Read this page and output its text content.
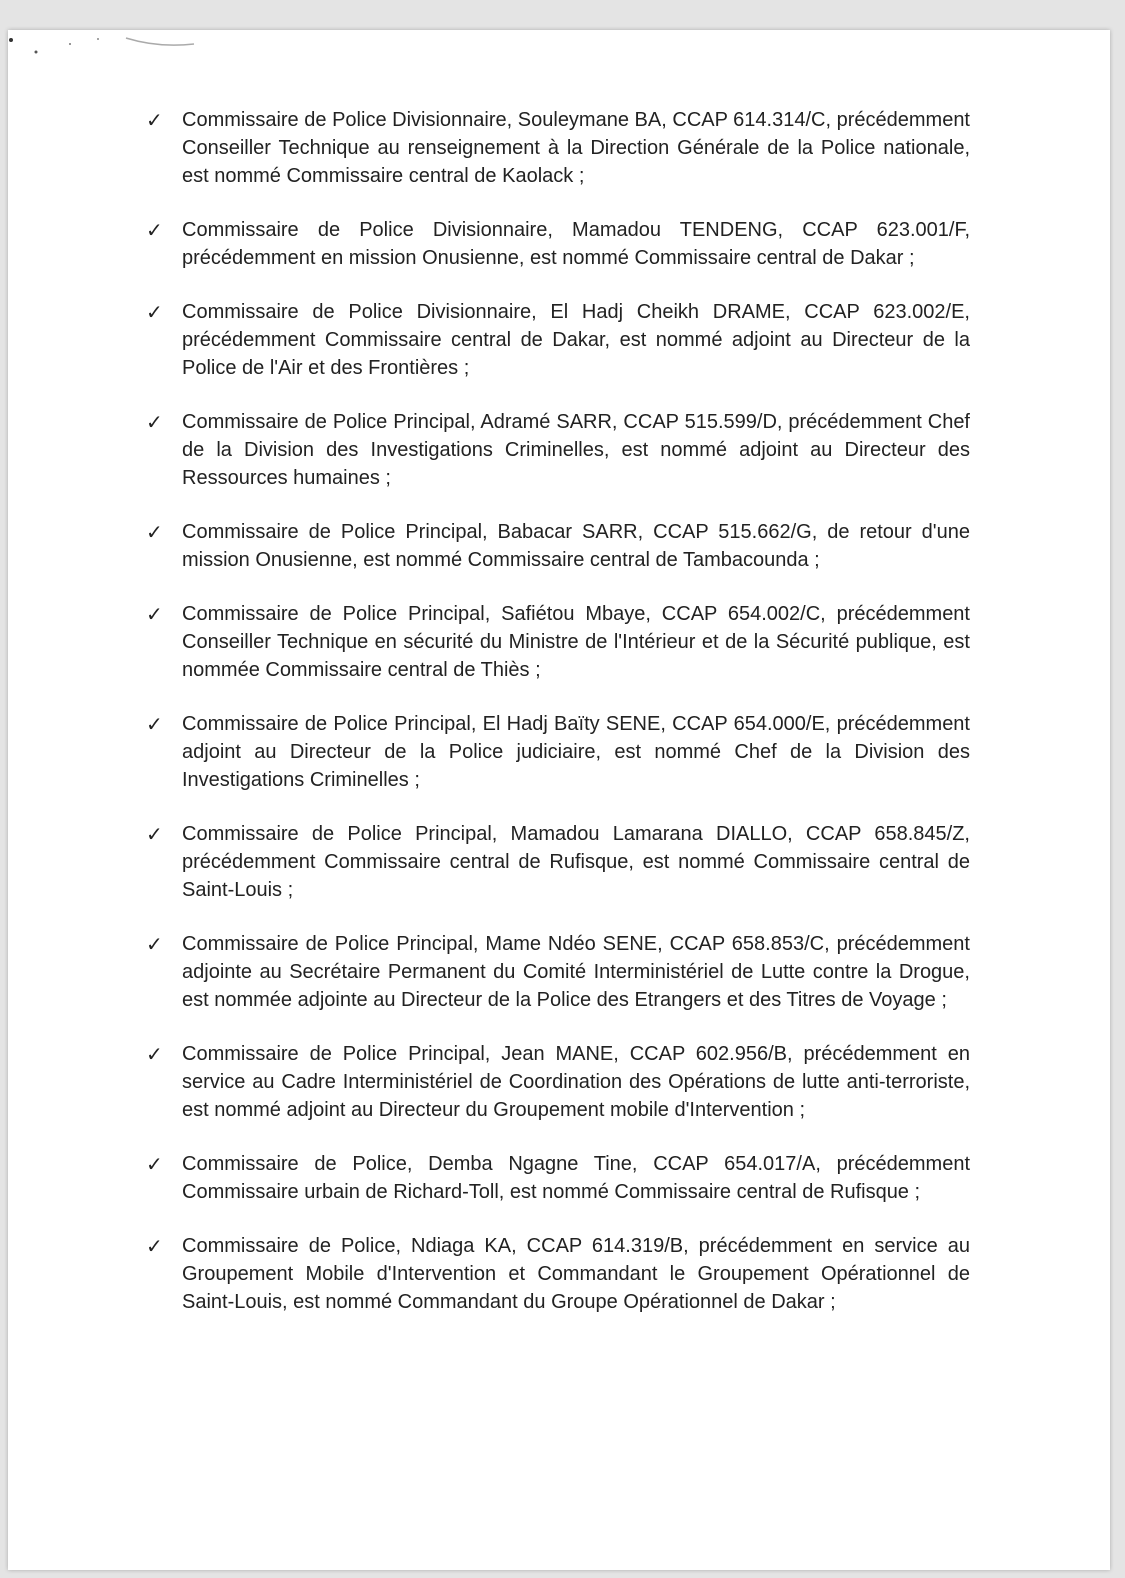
✓ Commissaire de Police Divisionnaire, Souleymane BA, CCAP 614.314/C, précédemment Conseiller Technique au renseignement à la Direction Générale de la Police nationale, est nommé Commissaire central de Kaolack ;
✓ Commissaire de Police Divisionnaire, Mamadou TENDENG, CCAP 623.001/F, précédemment en mission Onusienne, est nommé Commissaire central de Dakar ;
✓ Commissaire de Police Divisionnaire, El Hadj Cheikh DRAME, CCAP 623.002/E, précédemment Commissaire central de Dakar, est nommé adjoint au Directeur de la Police de l'Air et des Frontières ;
✓ Commissaire de Police Principal, Adramé SARR, CCAP 515.599/D, précédemment Chef de la Division des Investigations Criminelles, est nommé adjoint au Directeur des Ressources humaines ;
✓ Commissaire de Police Principal, Babacar SARR, CCAP 515.662/G, de retour d'une mission Onusienne, est nommé Commissaire central de Tambacounda ;
✓ Commissaire de Police Principal, Safiétou Mbaye, CCAP 654.002/C, précédemment Conseiller Technique en sécurité du Ministre de l'Intérieur et de la Sécurité publique, est nommée Commissaire central de Thiès ;
✓ Commissaire de Police Principal, El Hadj Baïty SENE, CCAP 654.000/E, précédemment adjoint au Directeur de la Police judiciaire, est nommé Chef de la Division des Investigations Criminelles ;
✓ Commissaire de Police Principal, Mamadou Lamarana DIALLO, CCAP 658.845/Z, précédemment Commissaire central de Rufisque, est nommé Commissaire central de Saint-Louis ;
✓ Commissaire de Police Principal, Mame Ndéo SENE, CCAP 658.853/C, précédemment adjointe au Secrétaire Permanent du Comité Interministériel de Lutte contre la Drogue, est nommée adjointe au Directeur de la Police des Etrangers et des Titres de Voyage ;
✓ Commissaire de Police Principal, Jean MANE, CCAP 602.956/B, précédemment en service au Cadre Interministériel de Coordination des Opérations de lutte anti-terroriste, est nommé adjoint au Directeur du Groupement mobile d'Intervention ;
✓ Commissaire de Police, Demba Ngagne Tine, CCAP 654.017/A, précédemment Commissaire urbain de Richard-Toll, est nommé Commissaire central de Rufisque ;
✓ Commissaire de Police, Ndiaga KA, CCAP 614.319/B, précédemment en service au Groupement Mobile d'Intervention et Commandant le Groupement Opérationnel de Saint-Louis, est nommé Commandant du Groupe Opérationnel de Dakar ;
